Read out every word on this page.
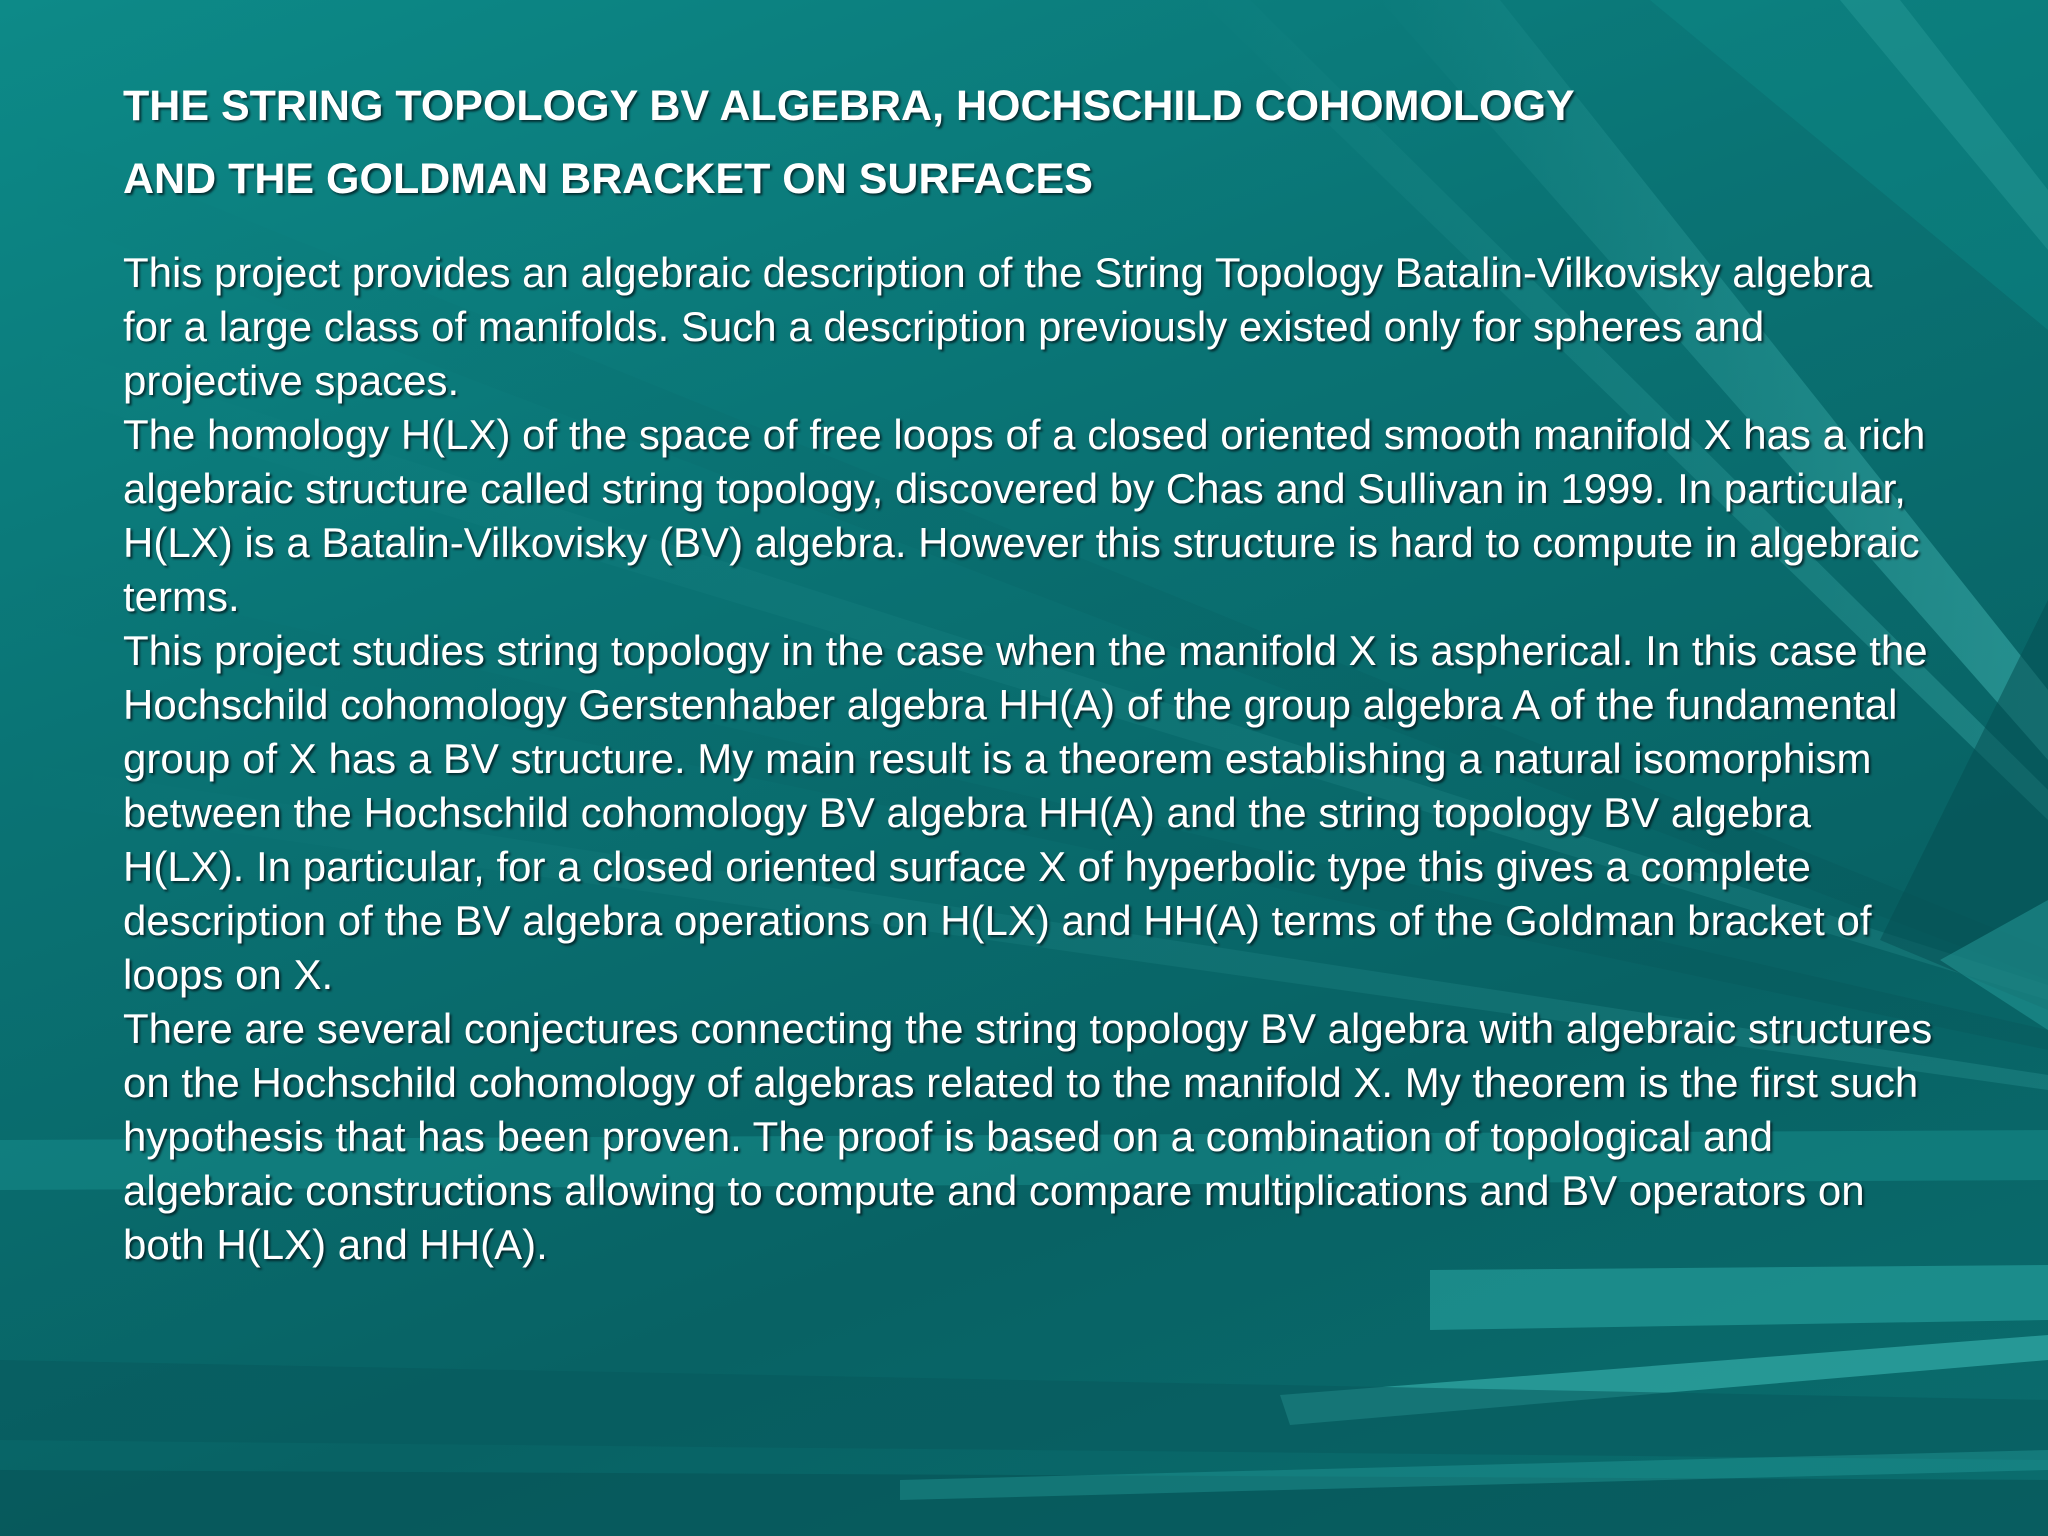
THE STRING TOPOLOGY BV ALGEBRA, HOCHSCHILD COHOMOLOGY
AND THE GOLDMAN BRACKET ON SURFACES

This project provides an algebraic description of the String Topology Batalin-Vilkovisky algebra for a large class of manifolds. Such a description previously existed only for spheres and projective spaces.

The homology H(LX) of the space of free loops of a closed oriented smooth manifold X has a rich algebraic structure called string topology, discovered by Chas and Sullivan in 1999. In particular, H(LX) is a Batalin-Vilkovisky (BV) algebra. However this structure is hard to compute in algebraic terms.

This project studies string topology in the case when the manifold X is aspherical. In this case the Hochschild cohomology Gerstenhaber algebra HH(A) of the group algebra A of the fundamental group of X has a BV structure. My main result is a theorem establishing a natural isomorphism between the Hochschild cohomology BV algebra HH(A) and the string topology BV algebra H(LX). In particular, for a closed oriented surface X of hyperbolic type this gives a complete description of the BV algebra operations on H(LX) and HH(A) terms of the Goldman bracket of loops on X.

There are several conjectures connecting the string topology BV algebra with algebraic structures on the Hochschild cohomology of algebras related to the manifold X. My theorem is the first such hypothesis that has been proven. The proof is based on a combination of topological and algebraic constructions allowing to compute and compare multiplications and BV operators on both H(LX) and HH(A).
